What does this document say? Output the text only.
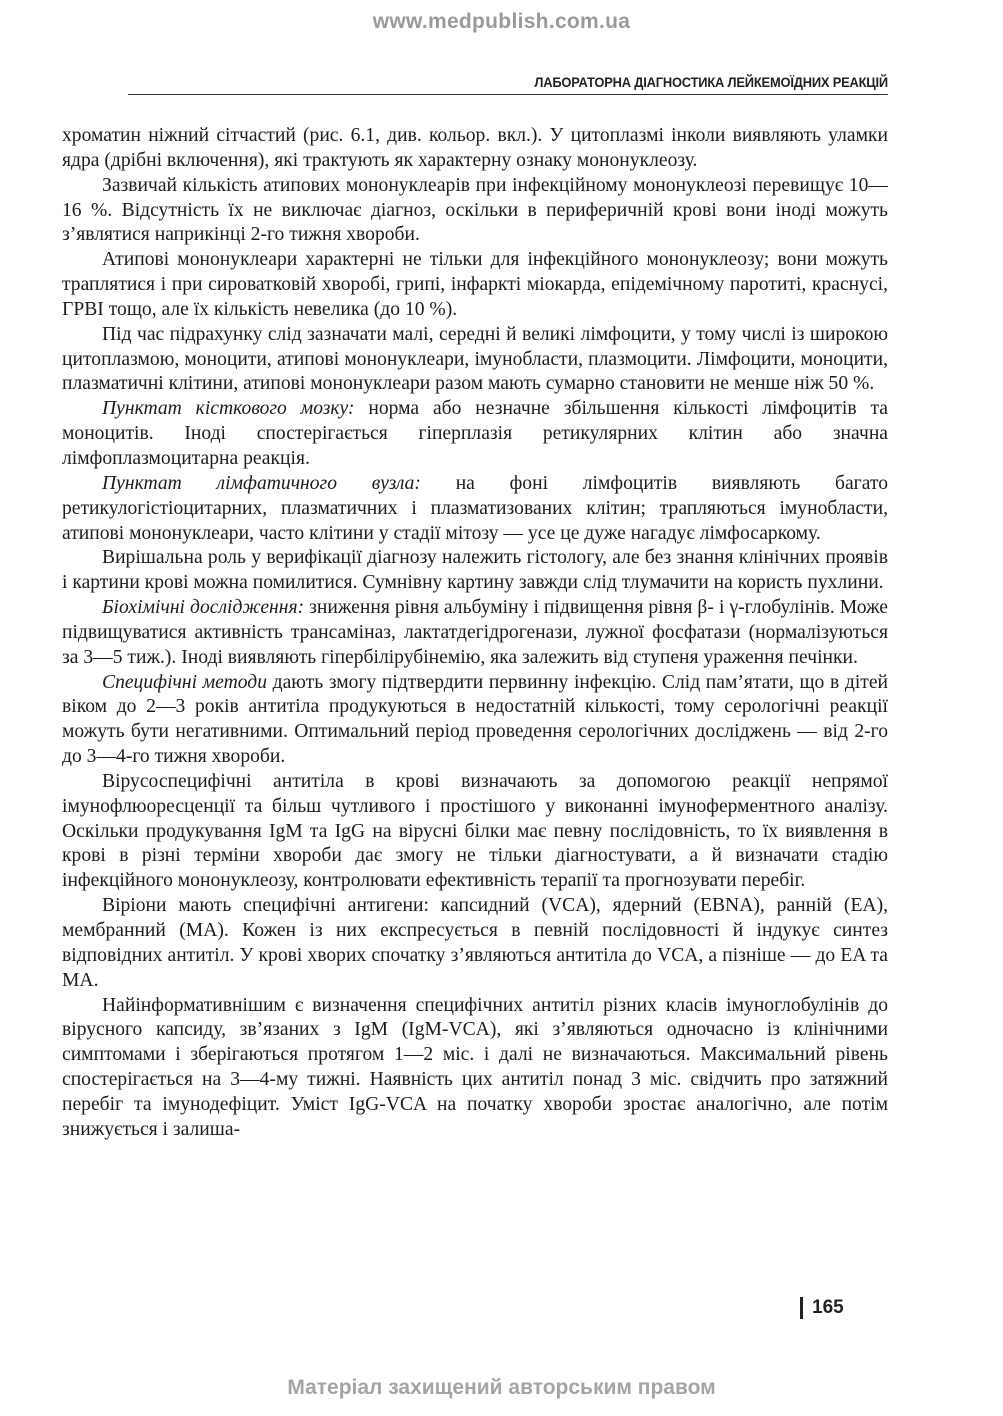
www.medpublish.com.ua
ЛАБОРАТОРНА ДІАГНОСТИКА ЛЕЙКЕМОЇДНИХ РЕАКЦІЙ

хроматин ніжний сітчастий (рис. 6.1, див. кольор. вкл.). У цитоплазмі інколи виявляють уламки ядра (дрібні включення), які трактують як характерну ознаку мононуклеозу.

Зазвичай кількість атипових мононуклеарів при інфекційному мононуклеозі перевищує 10—16 %. Відсутність їх не виключає діагноз, оскільки в периферичній крові вони іноді можуть з’являтися наприкінці 2-го тижня хвороби.

Атипові мононуклеари характерні не тільки для інфекційного мононуклеозу; вони можуть траплятися і при сироватковій хворобі, грипі, інфаркті міокарда, епідемічному паротиті, краснусі, ГРВІ тощо, але їх кількість невелика (до 10 %).

Під час підрахунку слід зазначати малі, середні й великі лімфоцити, у тому числі із широкою цитоплазмою, моноцити, атипові мононуклеари, імунобласти, плазмоцити. Лімфоцити, моноцити, плазматичні клітини, атипові мононуклеари разом мають сумарно становити не менше ніж 50 %.

Пунктат кісткового мозку: норма або незначне збільшення кількості лімфоцитів та моноцитів. Іноді спостерігається гіперплазія ретикулярних клітин або значна лімфоплазмоцитарна реакція.

Пунктат лімфатичного вузла: на фоні лімфоцитів виявляють багато ретикулогістіоцитарних, плазматичних і плазматизованих клітин; трапляються імунобласти, атипові мононуклеари, часто клітини у стадії мітозу — усе це дуже нагадує лімфосаркому.

Вирішальна роль у верифікації діагнозу належить гістологу, але без знання клінічних проявів і картини крові можна помилитися. Сумнівну картину завжди слід тлумачити на користь пухлини.

Біохімічні дослідження: зниження рівня альбуміну і підвищення рівня β- і γ-глобулінів. Може підвищуватися активність трансаміназ, лактатдегідрогенази, лужної фосфатази (нормалізуються за 3—5 тиж.). Іноді виявляють гіпербілірубінемію, яка залежить від ступеня ураження печінки.

Специфічні методи дають змогу підтвердити первинну інфекцію. Слід пам’ятати, що в дітей віком до 2—3 років антитіла продукуються в недостатній кількості, тому серологічні реакції можуть бути негативними. Оптимальний період проведення серологічних досліджень — від 2-го до 3—4-го тижня хвороби.

Вірусоспецифічні антитіла в крові визначають за допомогою реакції непрямої імунофлюоресценції та більш чутливого і простішого у виконанні імуноферментного аналізу. Оскільки продукування IgM та IgG на вірусні білки має певну послідовність, то їх виявлення в крові в різні терміни хвороби дає змогу не тільки діагностувати, а й визначати стадію інфекційного мононуклеозу, контролювати ефективність терапії та прогнозувати перебіг.

Віріони мають специфічні антигени: капсидний (VCA), ядерний (EBNA), ранній (EA), мембранний (MA). Кожен із них експресується в певній послідовності й індукує синтез відповідних антитіл. У крові хворих спочатку з’являються антитіла до VCA, а пізніше — до EA та MA.

Найінформативнішим є визначення специфічних антитіл різних класів імуноглобулінів до вірусного капсиду, зв’язаних з IgM (IgM-VCA), які з’являються одночасно із клінічними симптомами і зберігаються протягом 1—2 міс. і далі не визначаються. Максимальний рівень спостерігається на 3—4-му тижні. Наявність цих антитіл понад 3 міс. свідчить про затяжний перебіг та імунодефіцит. Уміст IgG-VCA на початку хвороби зростає аналогічно, але потім знижується і залиша-

165
Матеріал захищений авторським правом
